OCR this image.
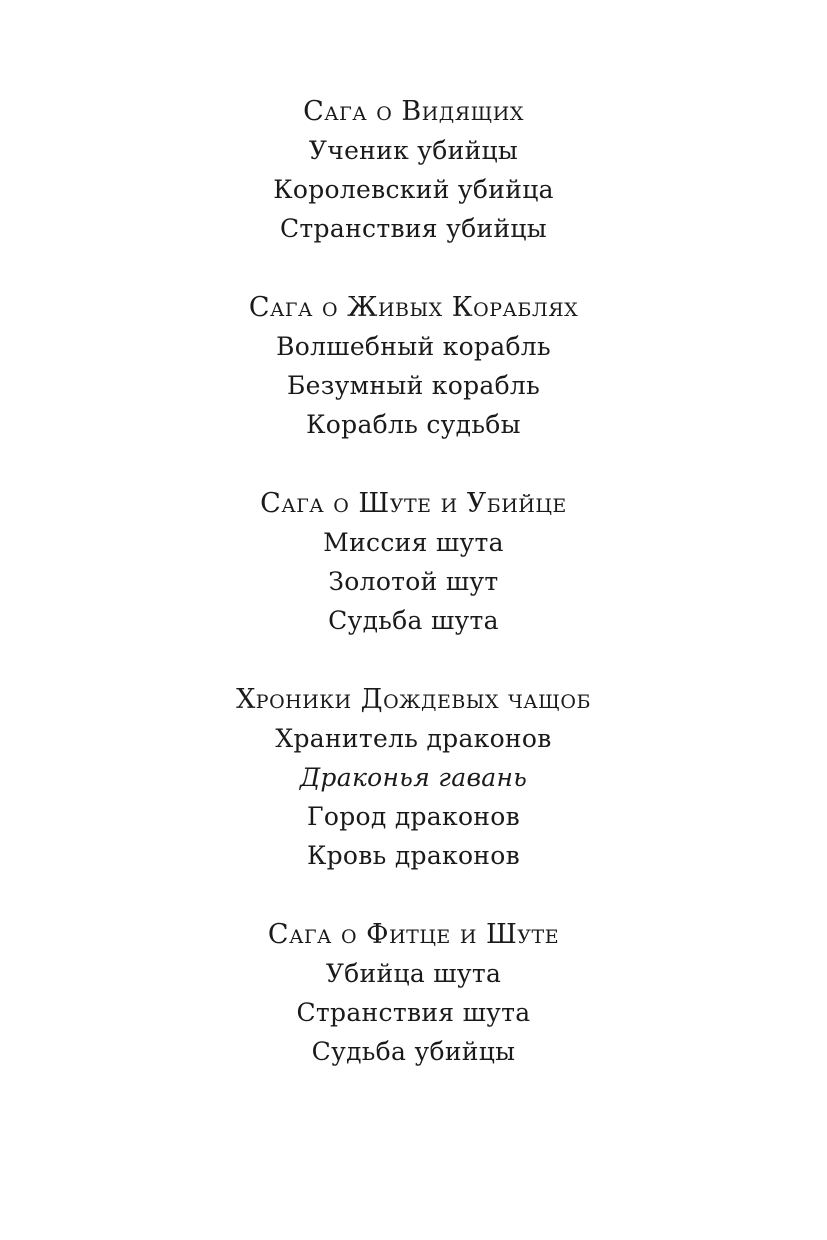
Сага о Видящих
Ученик убийцы
Королевский убийца
Странствия убийцы
Сага о Живых Кораблях
Волшебный корабль
Безумный корабль
Корабль судьбы
Сага о Шуте и Убийце
Миссия шута
Золотой шут
Судьба шута
Хроники Дождевых чащоб
Хранитель драконов
Драконья гавань
Город драконов
Кровь драконов
Сага о Фитце и Шуте
Убийца шута
Странствия шута
Судьба убийцы
